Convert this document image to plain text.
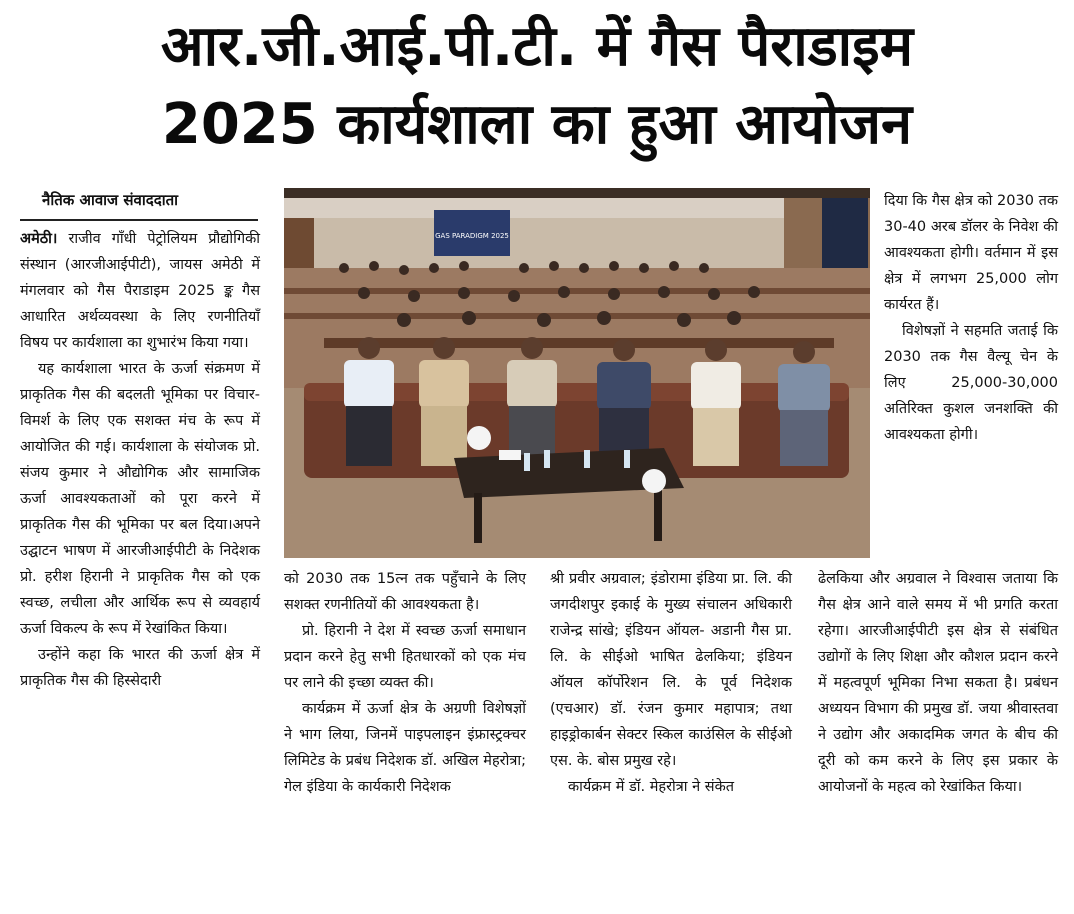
आर.जी.आई.पी.टी. में गैस पैराडाइम
2025 कार्यशाला का हुआ आयोजन
नैतिक आवाज संवाददाता

अमेठी। राजीव गाँधी पेट्रोलियम प्रौद्योगिकी संस्थान (आरजीआईपीटी), जायस अमेठी में मंगलवार को गैस पैराडाइम 2025 ङ्क गैस आधारित अर्थव्यवस्था के लिए रणनीतियाँ विषय पर कार्यशाला का शुभारंभ किया गया।

यह कार्यशाला भारत के ऊर्जा संक्रमण में प्राकृतिक गैस की बदलती भूमिका पर विचार-विमर्श के लिए एक सशक्त मंच के रूप में आयोजित की गई। कार्यशाला के संयोजक प्रो. संजय कुमार ने औद्योगिक और सामाजिक ऊर्जा आवश्यकताओं को पूरा करने में प्राकृतिक गैस की भूमिका पर बल दिया।अपने उद्घाटन भाषण में आरजीआईपीटी के निदेशक प्रो. हरीश हिरानी ने प्राकृतिक गैस को एक स्वच्छ, लचीला और आर्थिक रूप से व्यवहार्य ऊर्जा विकल्प के रूप में रेखांकित किया।

उन्होंने कहा कि भारत की ऊर्जा क्षेत्र में प्राकृतिक गैस की हिस्सेदारी

GAS PARADIGM 2025

दिया कि गैस क्षेत्र को 2030 तक 30-40 अरब डॉलर के निवेश की आवश्यकता होगी। वर्तमान में इस क्षेत्र में लगभग 25,000 लोग कार्यरत हैं।

विशेषज्ञों ने सहमति जताई कि 2030 तक गैस वैल्यू चेन के लिए 25,000-30,000 अतिरिक्त कुशल जनशक्ति की आवश्यकता होगी।

को 2030 तक 15त्न तक पहुँचाने के लिए सशक्त रणनीतियों की आवश्यकता है।

प्रो. हिरानी ने देश में स्वच्छ ऊर्जा समाधान प्रदान करने हेतु सभी हितधारकों को एक मंच पर लाने की इच्छा व्यक्त की।

कार्यक्रम में ऊर्जा क्षेत्र के अग्रणी विशेषज्ञों ने भाग लिया, जिनमें पाइपलाइन इंफ्रास्ट्रक्चर लिमिटेड के प्रबंध निदेशक डॉ. अखिल मेहरोत्रा; गेल इंडिया के कार्यकारी निदेशक

श्री प्रवीर अग्रवाल; इंडोरामा इंडिया प्रा. लि. की जगदीशपुर इकाई के मुख्य संचालन अधिकारी राजेन्द्र सांखे; इंडियन ऑयल- अडानी गैस प्रा. लि. के सीईओ भाषित ढेलकिया; इंडियन ऑयल कॉर्पोरेशन लि. के पूर्व निदेशक (एचआर) डॉ. रंजन कुमार महापात्र; तथा हाइड्रोकार्बन सेक्टर स्किल काउंसिल के सीईओ एस. के. बोस प्रमुख रहे।

कार्यक्रम में डॉ. मेहरोत्रा ने संकेत

ढेलकिया और अग्रवाल ने विश्वास जताया कि गैस क्षेत्र आने वाले समय में भी प्रगति करता रहेगा। आरजीआईपीटी इस क्षेत्र से संबंधित उद्योगों के लिए शिक्षा और कौशल प्रदान करने में महत्वपूर्ण भूमिका निभा सकता है। प्रबंधन अध्ययन विभाग की प्रमुख डॉ. जया श्रीवास्तवा ने उद्योग और अकादमिक जगत के बीच की दूरी को कम करने के लिए इस प्रकार के आयोजनों के महत्व को रेखांकित किया।
